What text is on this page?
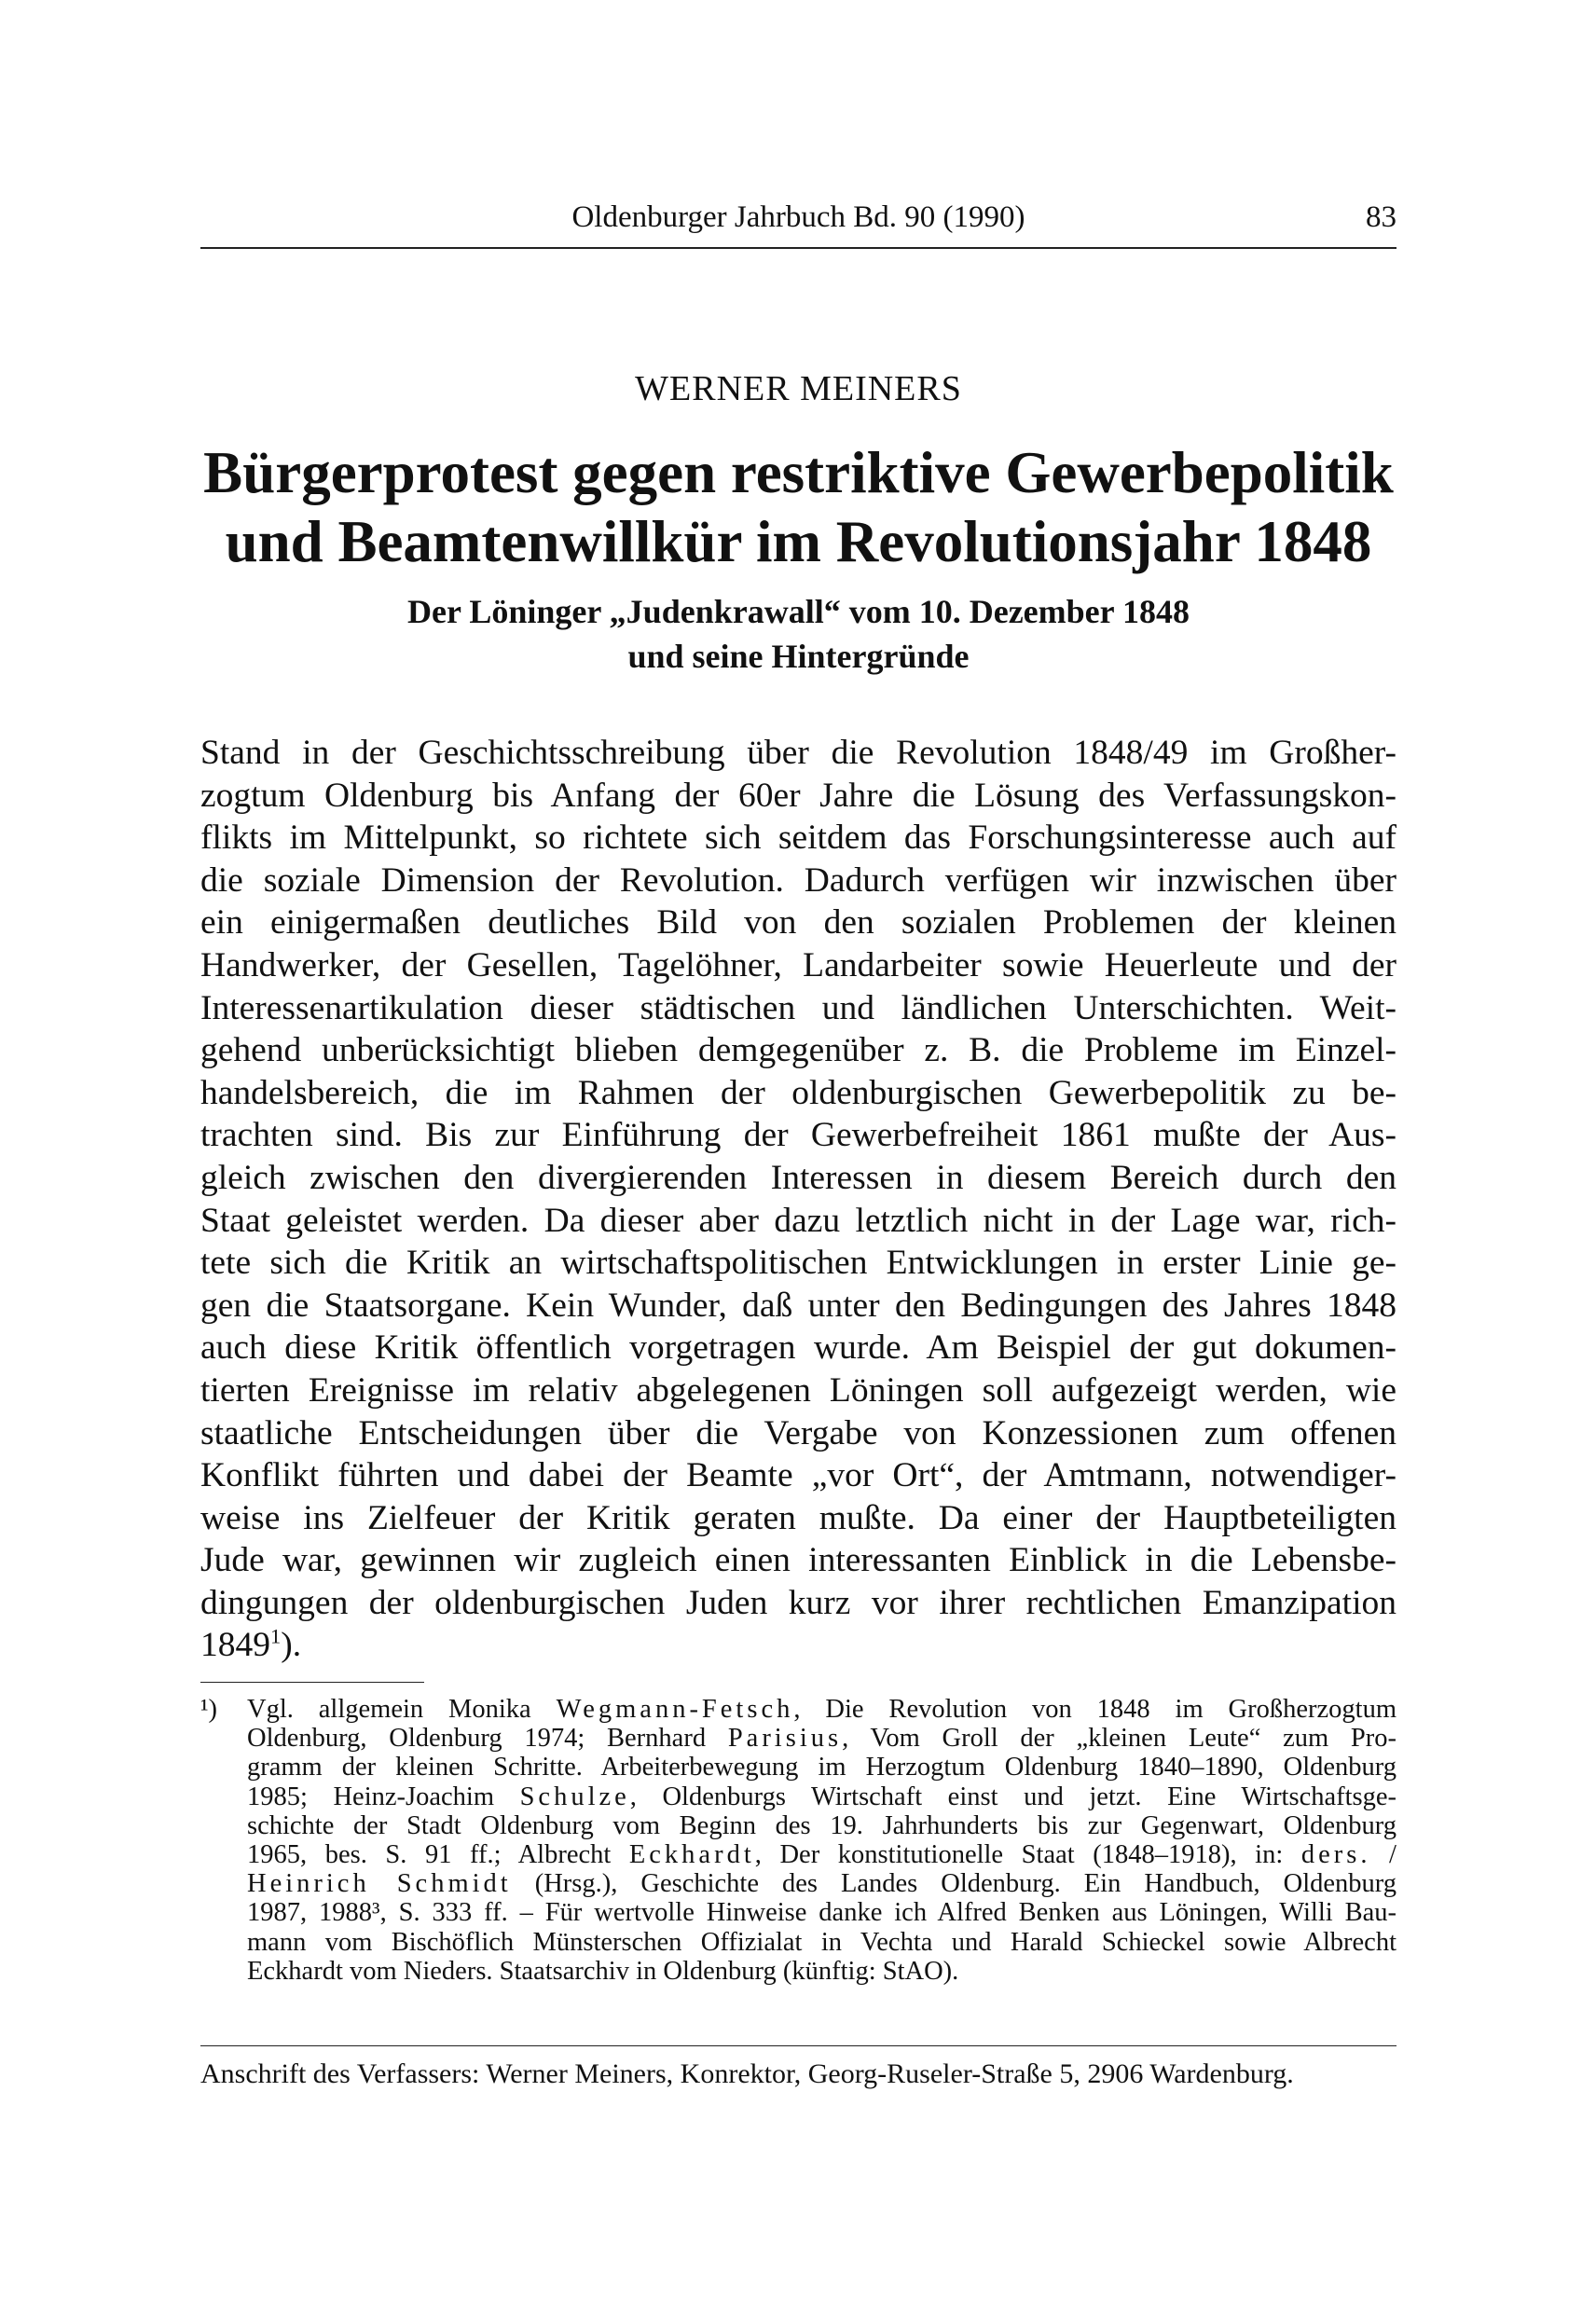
Oldenburger Jahrbuch Bd. 90 (1990)	83
WERNER MEINERS
Bürgerprotest gegen restriktive Gewerbepolitik
und Beamtenwillkür im Revolutionsjahr 1848
Der Löninger „Judenkrawall“ vom 10. Dezember 1848
und seine Hintergründe
Stand in der Geschichtsschreibung über die Revolution 1848/49 im Großher-
zogtum Oldenburg bis Anfang der 60er Jahre die Lösung des Verfassungskon-
flikts im Mittelpunkt, so richtete sich seitdem das Forschungsinteresse auch auf
die soziale Dimension der Revolution. Dadurch verfügen wir inzwischen über
ein einigermaßen deutliches Bild von den sozialen Problemen der kleinen
Handwerker, der Gesellen, Tagelöhner, Landarbeiter sowie Heuerleute und der
Interessenartikulation dieser städtischen und ländlichen Unterschichten. Weit-
gehend unberücksichtigt blieben demgegenüber z. B. die Probleme im Einzel-
handelsbereich, die im Rahmen der oldenburgischen Gewerbepolitik zu be-
trachten sind. Bis zur Einführung der Gewerbefreiheit 1861 mußte der Aus-
gleich zwischen den divergierenden Interessen in diesem Bereich durch den
Staat geleistet werden. Da dieser aber dazu letztlich nicht in der Lage war, rich-
tete sich die Kritik an wirtschaftspolitischen Entwicklungen in erster Linie ge-
gen die Staatsorgane. Kein Wunder, daß unter den Bedingungen des Jahres 1848
auch diese Kritik öffentlich vorgetragen wurde. Am Beispiel der gut dokumen-
tierten Ereignisse im relativ abgelegenen Löningen soll aufgezeigt werden, wie
staatliche Entscheidungen über die Vergabe von Konzessionen zum offenen
Konflikt führten und dabei der Beamte „vor Ort“, der Amtmann, notwendiger-
weise ins Zielfeuer der Kritik geraten mußte. Da einer der Hauptbeteiligten
Jude war, gewinnen wir zugleich einen interessanten Einblick in die Lebensbe-
dingungen der oldenburgischen Juden kurz vor ihrer rechtlichen Emanzipation
1849$^1$).
¹) Vgl. allgemein Monika Wegmann-Fetsch, Die Revolution von 1848 im Großherzogtum
Oldenburg, Oldenburg 1974; Bernhard Parisius, Vom Groll der „kleinen Leute“ zum Pro-
gramm der kleinen Schritte. Arbeiterbewegung im Herzogtum Oldenburg 1840–1890, Oldenburg
1985; Heinz-Joachim Schulze, Oldenburgs Wirtschaft einst und jetzt. Eine Wirtschaftsge-
schichte der Stadt Oldenburg vom Beginn des 19. Jahrhunderts bis zur Gegenwart, Oldenburg
1965, bes. S. 91 ff.; Albrecht Eckhardt, Der konstitutionelle Staat (1848–1918), in: ders. /
Heinrich Schmidt (Hrsg.), Geschichte des Landes Oldenburg. Ein Handbuch, Oldenburg
1987, 1988³, S. 333 ff. – Für wertvolle Hinweise danke ich Alfred Benken aus Löningen, Willi Bau-
mann vom Bischöflich Münsterschen Offizialat in Vechta und Harald Schieckel sowie Albrecht
Eckhardt vom Nieders. Staatsarchiv in Oldenburg (künftig: StAO).
Anschrift des Verfassers: Werner Meiners, Konrektor, Georg-Ruseler-Straße 5, 2906 Wardenburg.
